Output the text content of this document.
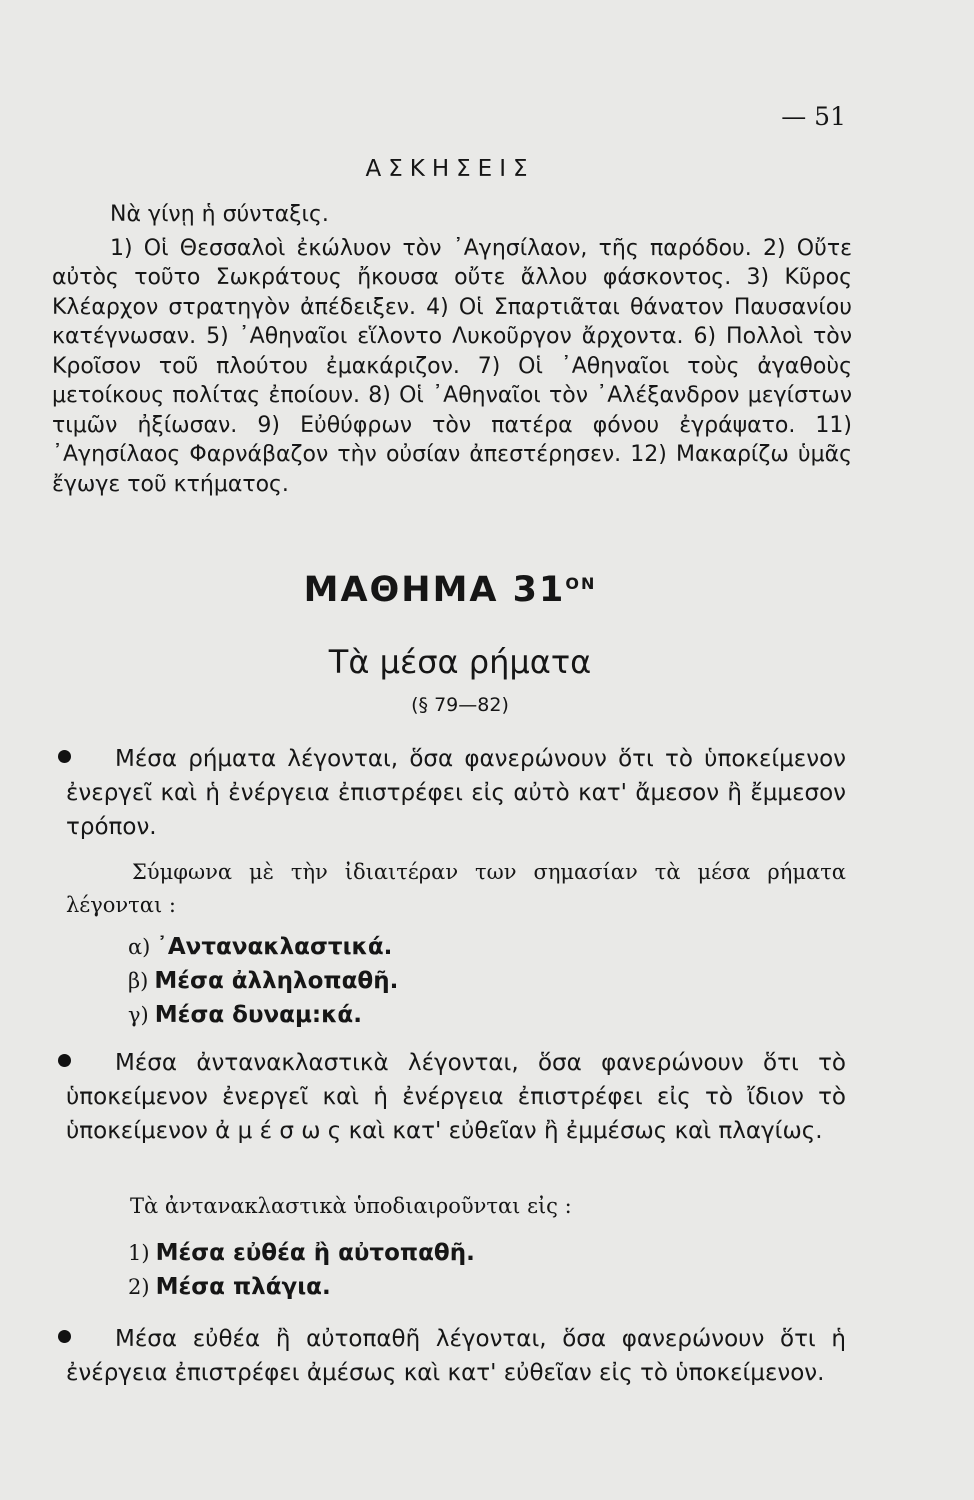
— 51
ΑΣΚΗΣΕΙΣ
Νὰ γίνῃ ἡ σύνταξις.

1) Οἱ Θεσσαλοὶ ἐκώλυον τὸν ᾿Αγησίλαον, τῆς παρόδου. 2) Οὔτε αὐτὸς τοῦτο Σωκράτους ἤκουσα οὔτε ἄλλου φάσκοντος. 3) Κῦρος Κλέαρχον στρατηγὸν ἀπέδειξεν. 4) Οἱ Σπαρτιᾶται θάνατον Παυσανίου κατέγνωσαν. 5) ᾿Αθηναῖοι εἵλοντο Λυκοῦργον ἄρχοντα. 6) Πολλοὶ τὸν Κροῖσον τοῦ πλούτου ἐμακάριζον. 7) Οἱ ᾿Αθηναῖοι τοὺς ἀγαθοὺς μετοίκους πολίτας ἐποίουν. 8) Οἱ ᾿Αθηναῖοι τὸν ᾿Αλέξανδρον μεγίστων τιμῶν ἠξίωσαν. 9) Εὐθύφρων τὸν πατέρα φόνου ἐγράψατο. 11) ᾿Αγησίλαος Φαρνάβαζον τὴν οὐσίαν ἀπεστέρησεν. 12) Μακαρίζω ὑμᾶς ἔγωγε τοῦ κτήματος.

ΜΑΘΗΜΑ $31^{ON}$
Τὰ μέσα ρήματα
(§ 79—82)
Μέσα ρήματα λέγονται, ὅσα φανερώνουν ὅτι τὸ ὑποκείμενον ἐνεργεῖ καὶ ἡ ἐνέργεια ἐπιστρέφει εἰς αὐτὸ κατ' ἄμεσον ἢ ἔμμεσον τρόπον.
Σύμφωνα μὲ τὴν ἰδιαιτέραν των σημασίαν τὰ μέσα ρήματα λέγονται :
α) ᾿Αντανακλαστικά.
β) Μέσα ἀλληλοπαθῆ.
γ) Μέσα δυναμ:κά.
Μέσα ἀντανακλαστικὰ λέγονται, ὅσα φανερώνουν ὅτι τὸ ὑποκείμενον ἐνεργεῖ καὶ ἡ ἐνέργεια ἐπιστρέφει εἰς τὸ ἴδιον τὸ ὑποκείμενον ἀ μ έ σ ω ς καὶ κατ' εὐθεῖαν ἢ ἐμμέσως καὶ πλαγίως.
Τὰ ἀντανακλαστικὰ ὑποδιαιροῦνται εἰς :
1) Μέσα εὐθέα ἢ αὐτοπαθῆ.
2) Μέσα πλάγια.
Μέσα εὐθέα ἢ αὐτοπαθῆ λέγονται, ὅσα φανερώνουν ὅτι ἡ ἐνέργεια ἐπιστρέφει ἀμέσως καὶ κατ' εὐθεῖαν εἰς τὸ ὑποκείμενον.
